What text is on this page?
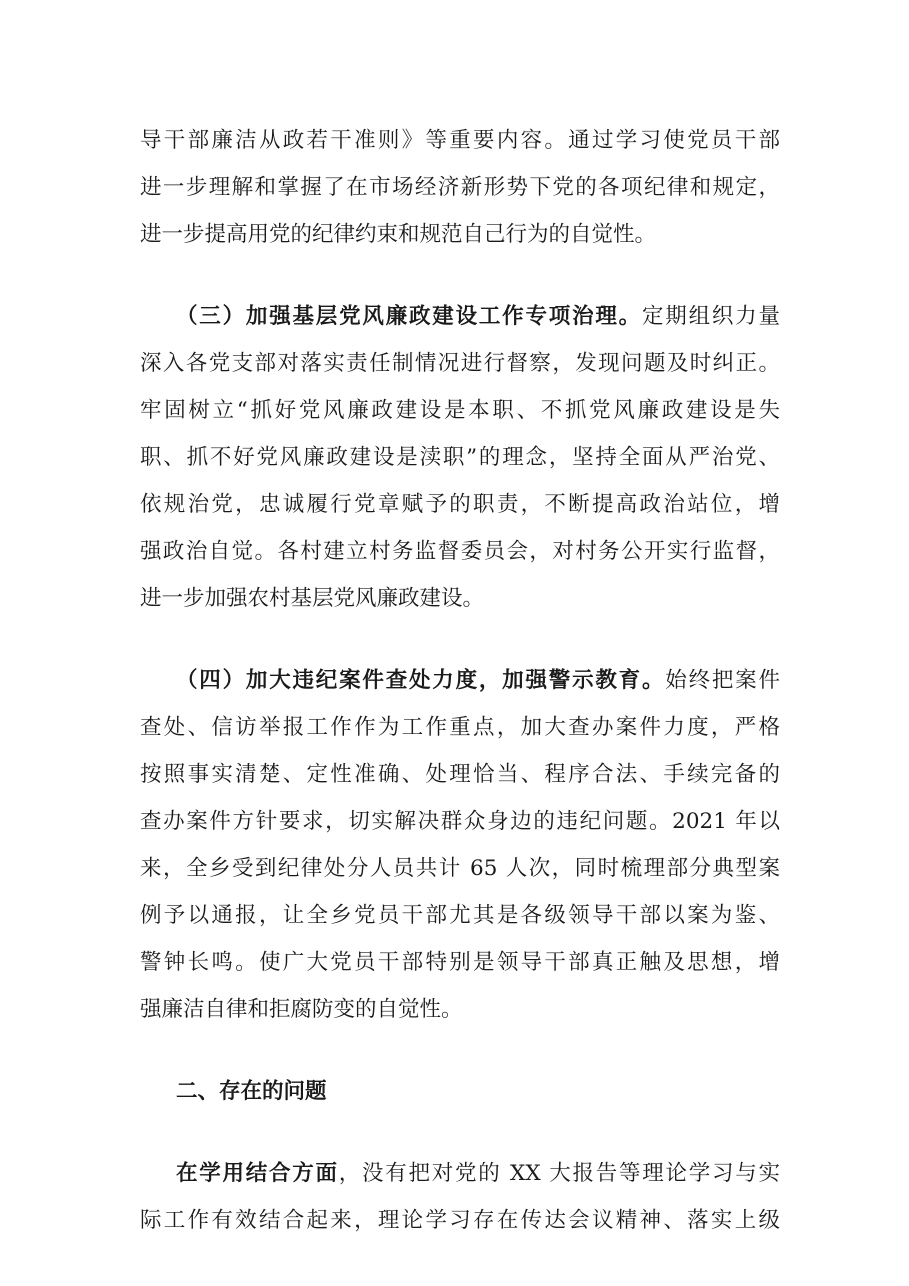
导干部廉洁从政若干准则》等重要内容。通过学习使党员干部
进一步理解和掌握了在市场经济新形势下党的各项纪律和规定，
进一步提高用党的纪律约束和规范自己行为的自觉性。
（三）加强基层党风廉政建设工作专项治理。定期组织力量
深入各党支部对落实责任制情况进行督察，发现问题及时纠正。
牢固树立“抓好党风廉政建设是本职、不抓党风廉政建设是失
职、抓不好党风廉政建设是渎职”的理念，坚持全面从严治党、
依规治党，忠诚履行党章赋予的职责，不断提高政治站位，增
强政治自觉。各村建立村务监督委员会，对村务公开实行监督，
进一步加强农村基层党风廉政建设。
（四）加大违纪案件查处力度，加强警示教育。始终把案件
查处、信访举报工作作为工作重点，加大查办案件力度，严格
按照事实清楚、定性准确、处理恰当、程序合法、手续完备的
查办案件方针要求，切实解决群众身边的违纪问题。2021 年以
来，全乡受到纪律处分人员共计 65 人次，同时梳理部分典型案
例予以通报，让全乡党员干部尤其是各级领导干部以案为鉴、
警钟长鸣。使广大党员干部特别是领导干部真正触及思想，增
强廉洁自律和拒腐防变的自觉性。
二、存在的问题
在学用结合方面，没有把对党的 XX 大报告等理论学习与实
际工作有效结合起来，理论学习存在传达会议精神、落实上级
